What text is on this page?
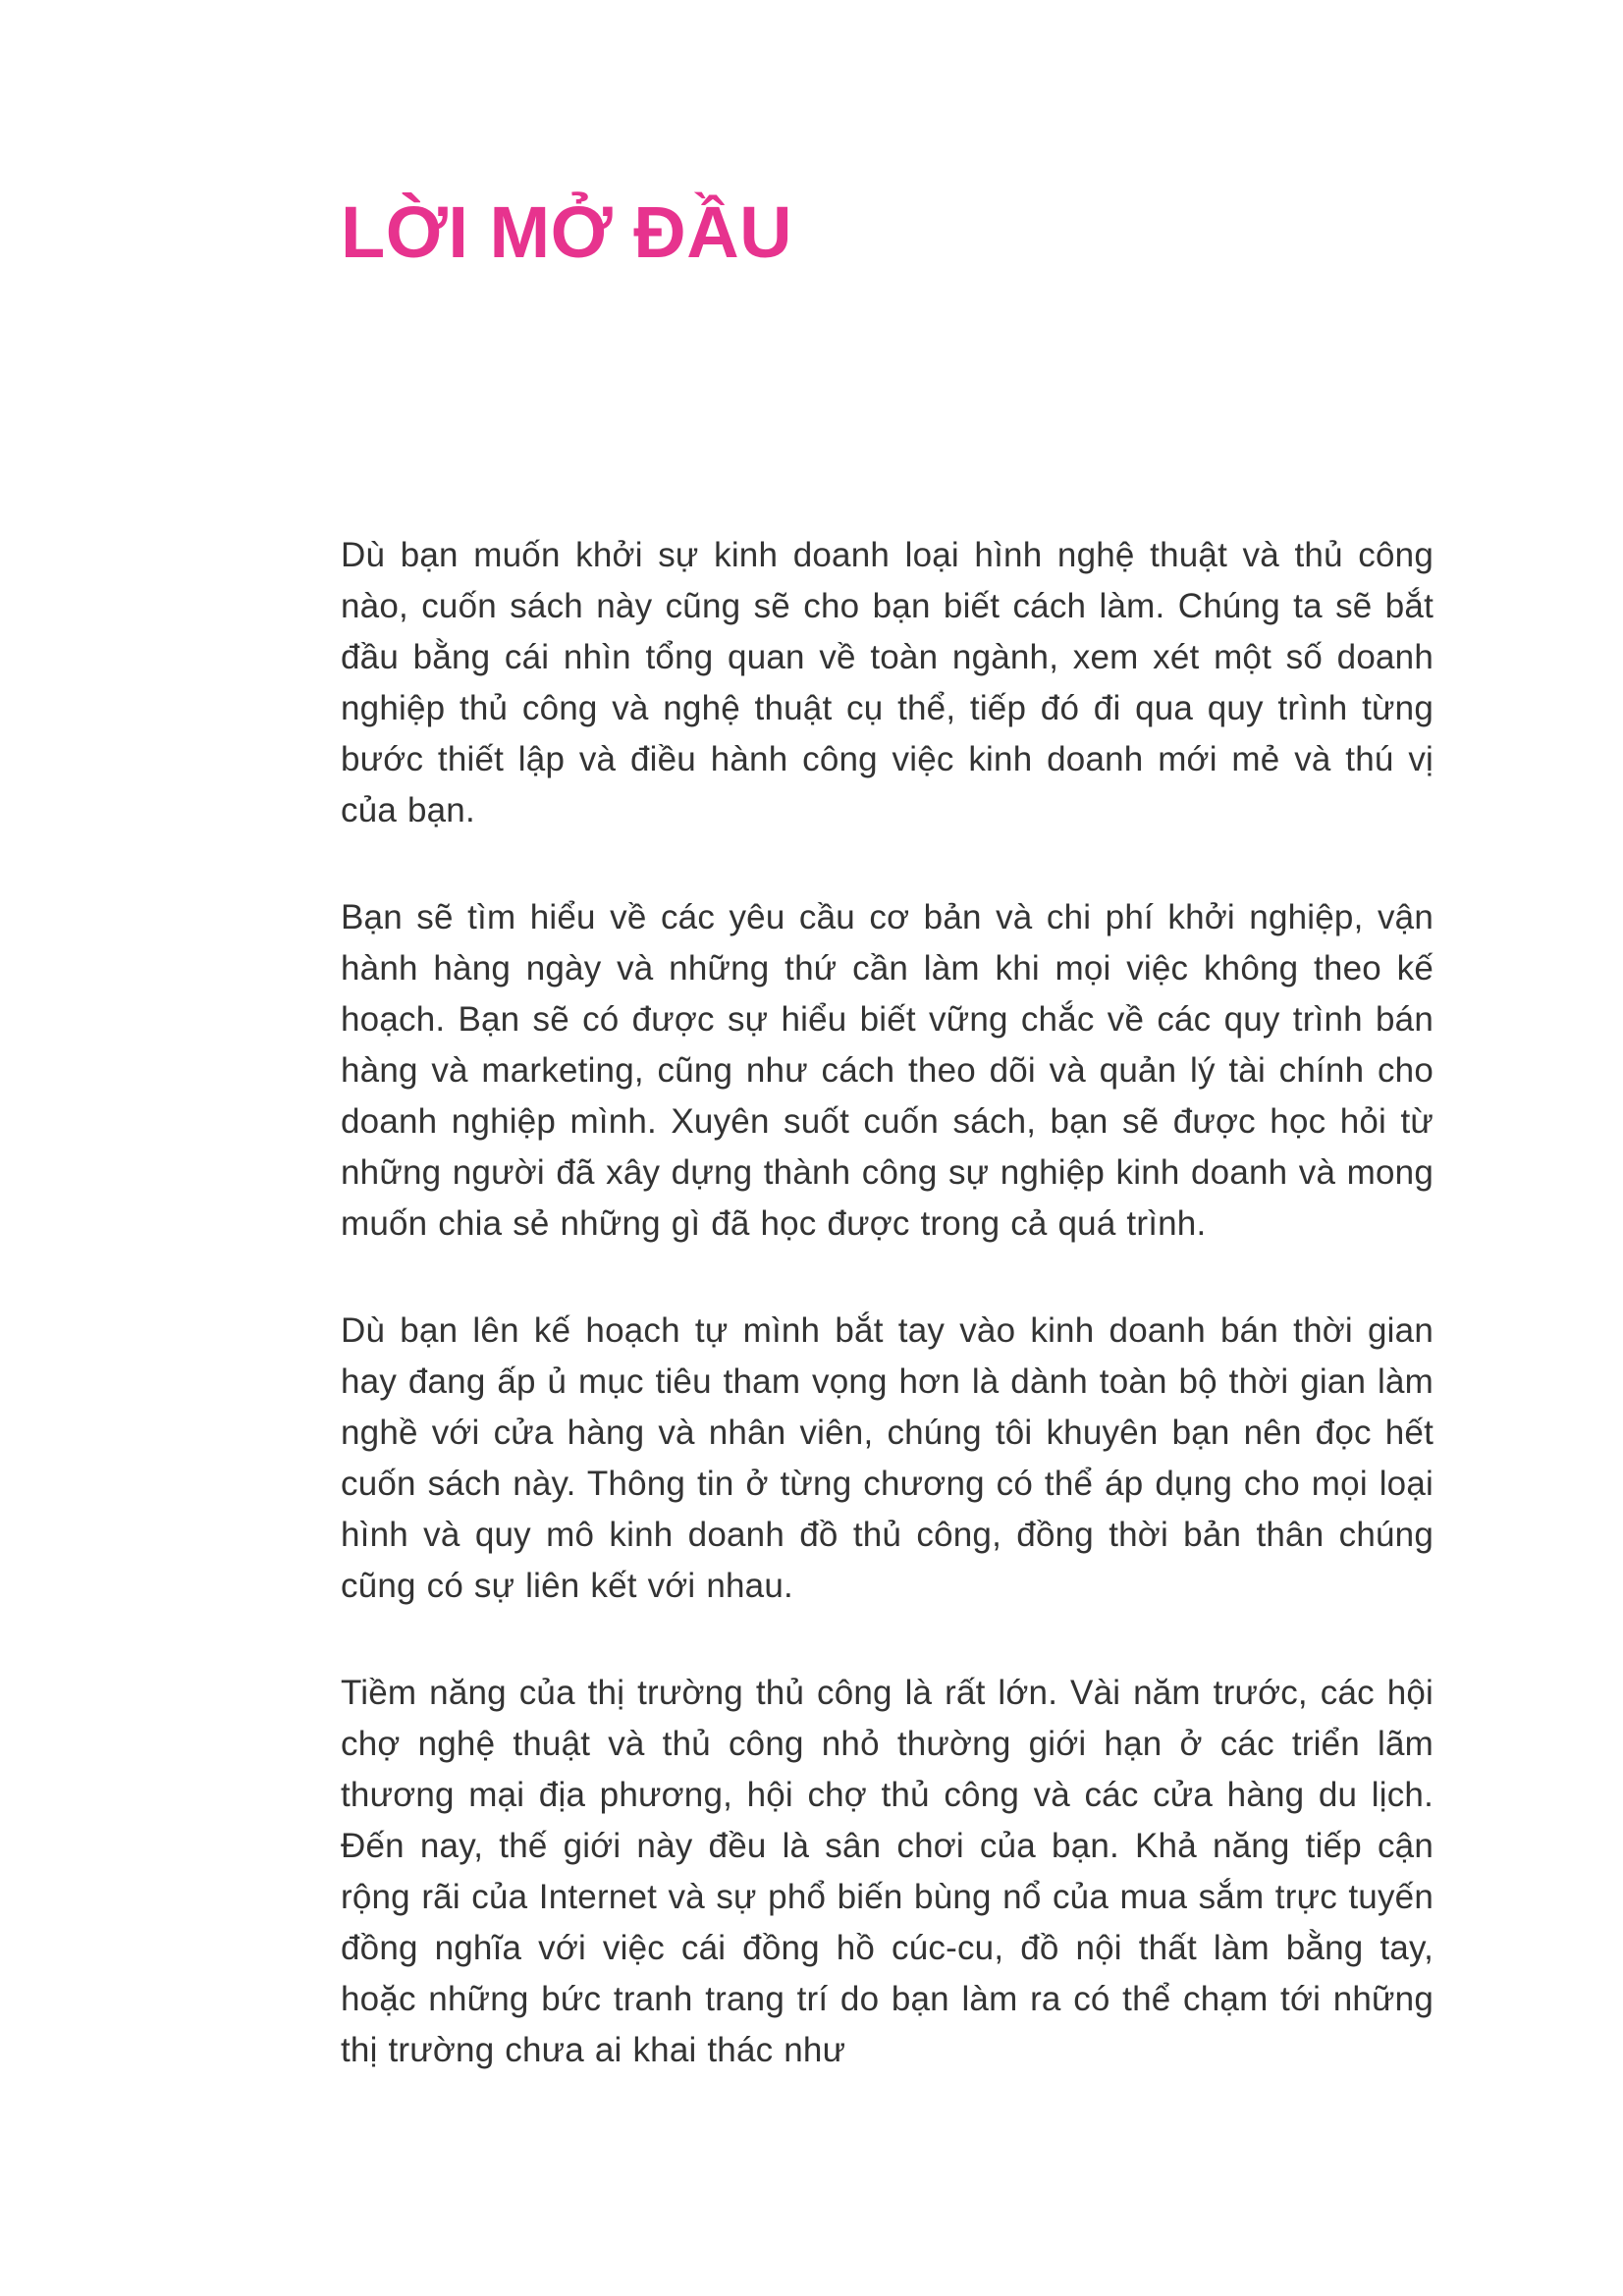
LỜI MỞ ĐẦU

Dù bạn muốn khởi sự kinh doanh loại hình nghệ thuật và thủ công nào, cuốn sách này cũng sẽ cho bạn biết cách làm. Chúng ta sẽ bắt đầu bằng cái nhìn tổng quan về toàn ngành, xem xét một số doanh nghiệp thủ công và nghệ thuật cụ thể, tiếp đó đi qua quy trình từng bước thiết lập và điều hành công việc kinh doanh mới mẻ và thú vị của bạn.

Bạn sẽ tìm hiểu về các yêu cầu cơ bản và chi phí khởi nghiệp, vận hành hàng ngày và những thứ cần làm khi mọi việc không theo kế hoạch. Bạn sẽ có được sự hiểu biết vững chắc về các quy trình bán hàng và marketing, cũng như cách theo dõi và quản lý tài chính cho doanh nghiệp mình. Xuyên suốt cuốn sách, bạn sẽ được học hỏi từ những người đã xây dựng thành công sự nghiệp kinh doanh và mong muốn chia sẻ những gì đã học được trong cả quá trình.

Dù bạn lên kế hoạch tự mình bắt tay vào kinh doanh bán thời gian hay đang ấp ủ mục tiêu tham vọng hơn là dành toàn bộ thời gian làm nghề với cửa hàng và nhân viên, chúng tôi khuyên bạn nên đọc hết cuốn sách này. Thông tin ở từng chương có thể áp dụng cho mọi loại hình và quy mô kinh doanh đồ thủ công, đồng thời bản thân chúng cũng có sự liên kết với nhau.

Tiềm năng của thị trường thủ công là rất lớn. Vài năm trước, các hội chợ nghệ thuật và thủ công nhỏ thường giới hạn ở các triển lãm thương mại địa phương, hội chợ thủ công và các cửa hàng du lịch. Đến nay, thế giới này đều là sân chơi của bạn. Khả năng tiếp cận rộng rãi của Internet và sự phổ biến bùng nổ của mua sắm trực tuyến đồng nghĩa với việc cái đồng hồ cúc-cu, đồ nội thất làm bằng tay, hoặc những bức tranh trang trí do bạn làm ra có thể chạm tới những thị trường chưa ai khai thác như
